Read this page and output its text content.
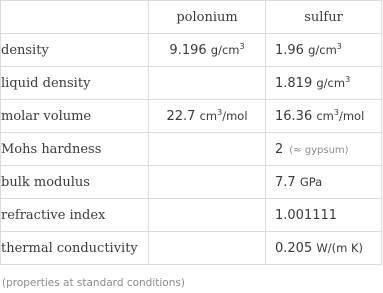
	polonium	sulfur
density	9.196 $g/cm^3$	1.96 $g/cm^3$
liquid density		1.819 $g/cm^3$
molar volume	22.7 $cm^3$/mol	16.36 $cm^3$/mol
Mohs hardness		2 (≈ gypsum)
bulk modulus		7.7 GPa
refractive index		1.001111
thermal conductivity		0.205 W/(m K)
(properties at standard conditions)
